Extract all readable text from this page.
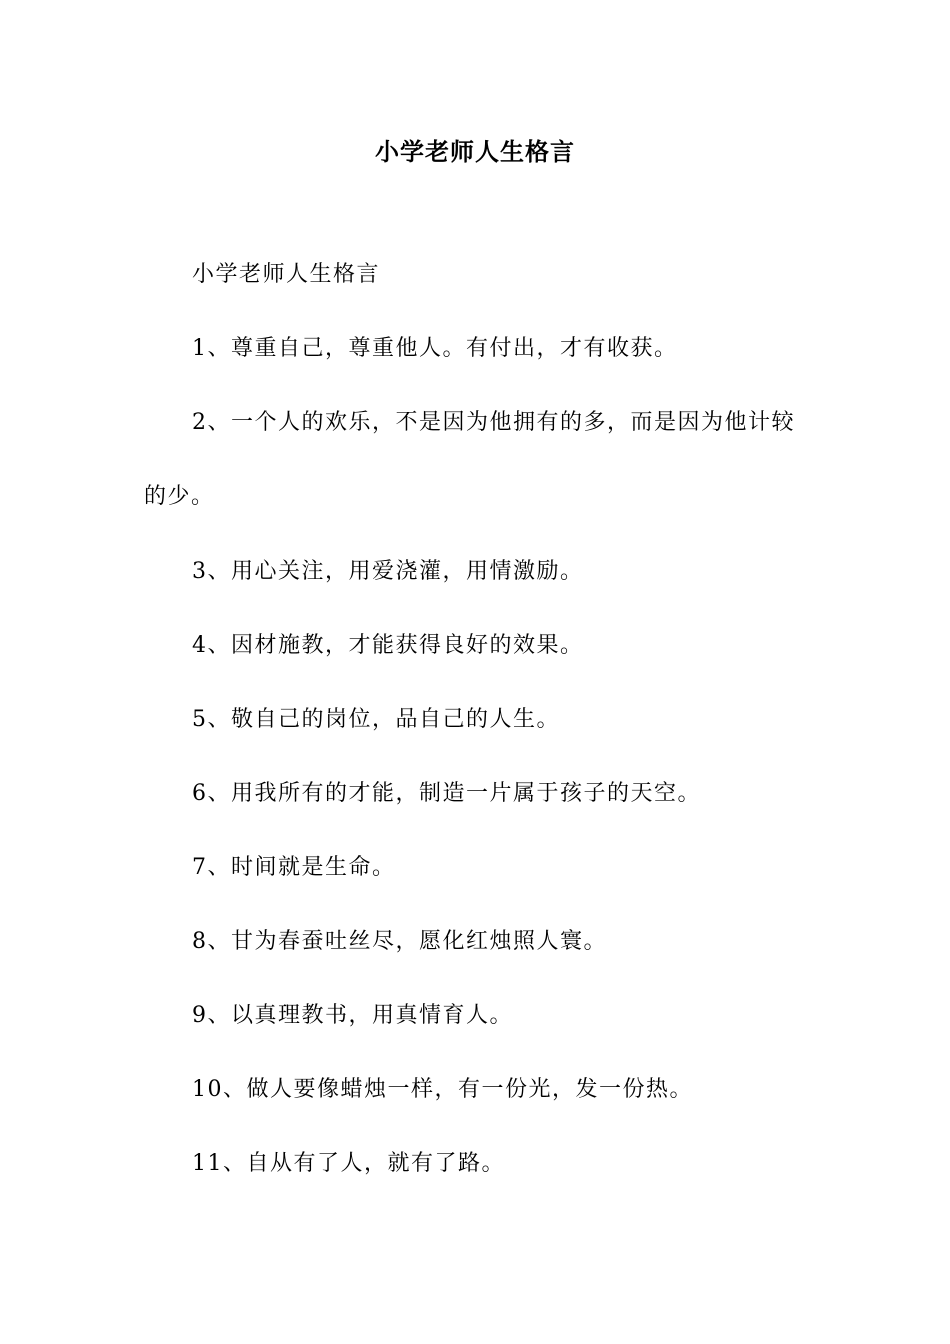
小学老师人生格言

小学老师人生格言

1、尊重自己，尊重他人。有付出，才有收获。

2、一个人的欢乐，不是因为他拥有的多，而是因为他计较的少。

3、用心关注，用爱浇灌，用情激励。

4、因材施教，才能获得良好的效果。

5、敬自己的岗位，品自己的人生。

6、用我所有的才能，制造一片属于孩子的天空。

7、时间就是生命。

8、甘为春蚕吐丝尽，愿化红烛照人寰。

9、以真理教书，用真情育人。

10、做人要像蜡烛一样，有一份光，发一份热。

11、自从有了人，就有了路。
